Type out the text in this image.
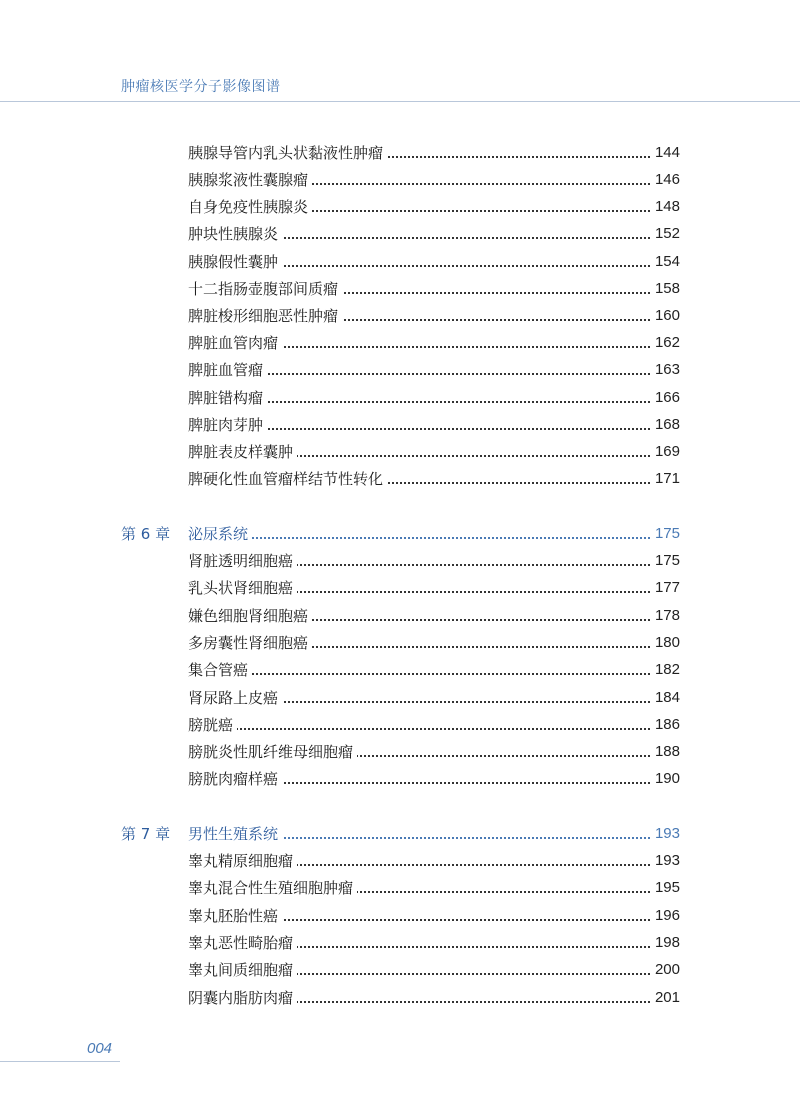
肿瘤核医学分子影像图谱
胰腺导管内乳头状黏液性肿瘤	144
胰腺浆液性囊腺瘤	146
自身免疫性胰腺炎	148
肿块性胰腺炎	152
胰腺假性囊肿	154
十二指肠壶腹部间质瘤	158
脾脏梭形细胞恶性肿瘤	160
脾脏血管肉瘤	162
脾脏血管瘤	163
脾脏错构瘤	166
脾脏肉芽肿	168
脾脏表皮样囊肿	169
脾硬化性血管瘤样结节性转化	171
第 6 章 泌尿系统	175
肾脏透明细胞癌	175
乳头状肾细胞癌	177
嫌色细胞肾细胞癌	178
多房囊性肾细胞癌	180
集合管癌	182
肾尿路上皮癌	184
膀胱癌	186
膀胱炎性肌纤维母细胞瘤	188
膀胱肉瘤样癌	190
第 7 章 男性生殖系统	193
睾丸精原细胞瘤	193
睾丸混合性生殖细胞肿瘤	195
睾丸胚胎性癌	196
睾丸恶性畸胎瘤	198
睾丸间质细胞瘤	200
阴囊内脂肪肉瘤	201
004
